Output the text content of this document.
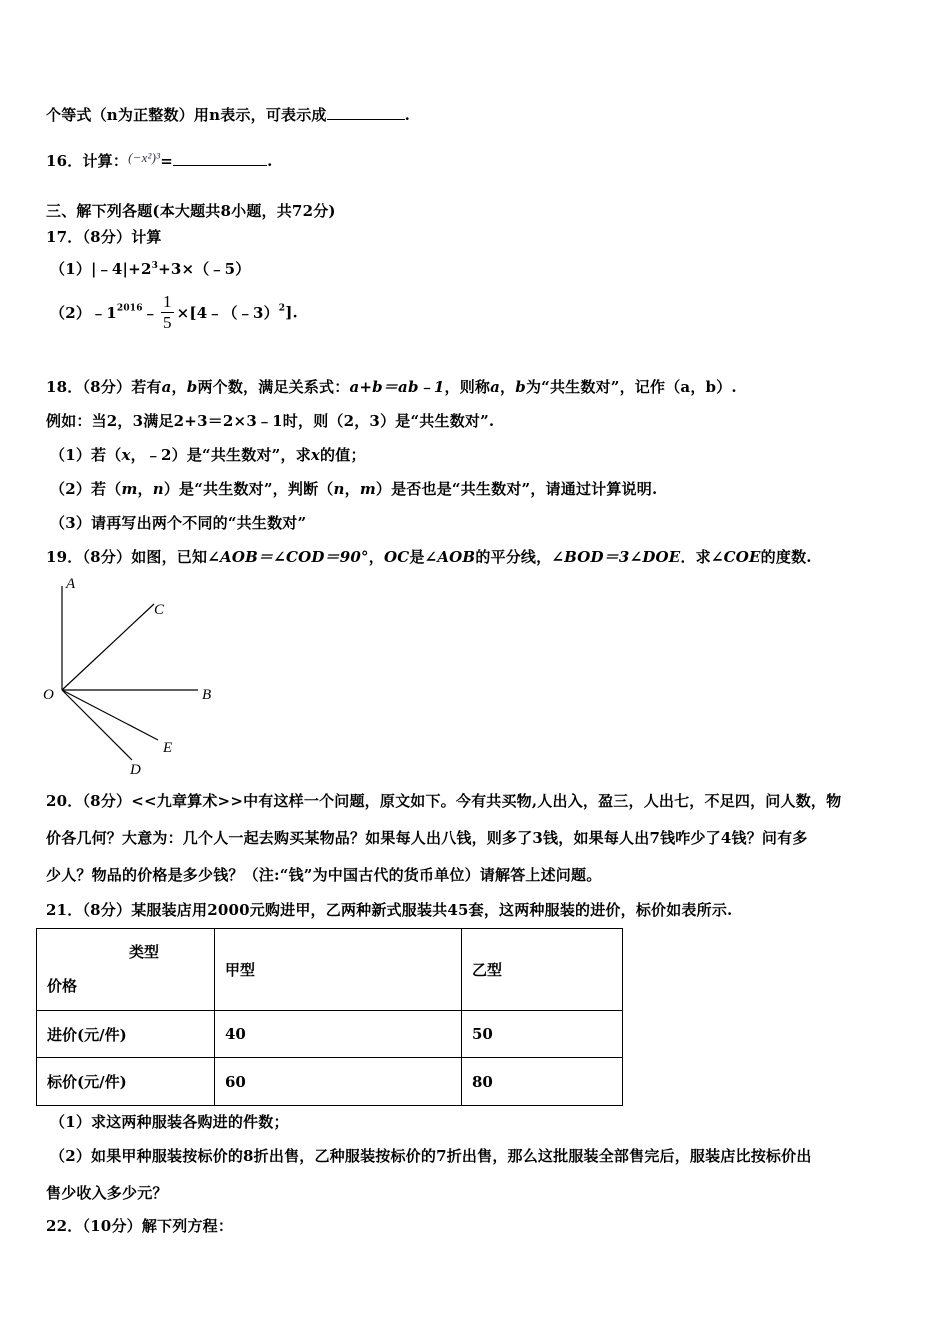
个等式（n为正整数）用n表示，可表示成	.
16．计算：(−x²)³=	.
三、解下列各题(本大题共8小题，共72分)
17．（8分）计算
$(1)|﹣4|+2^3+3\times(﹣5)$
$(2)﹣1^{2016}﹣ \frac{1}{5}$ ×[4﹣（﹣3）$^2$].
18．（8分）若有a，b两个数，满足关系式：a+b＝ab﹣1，则称a，b为“共生数对”，记作（a，b）.
例如：当2，3满足2+3＝2×3﹣1时，则（2，3）是“共生数对”.
（1）若（x，﹣2）是“共生数对”，求x的值；
（2）若（m，n）是“共生数对”，判断（n，m）是否也是“共生数对”，请通过计算说明.
（3）请再写出两个不同的“共生数对”
19．（8分）如图，已知∠AOB＝∠COD＝90°，OC是∠AOB的平分线，∠BOD＝3∠DOE．求∠COE的度数.
A
C
O	B
E
D
20．（8分）<<九章算术>>中有这样一个问题，原文如下。今有共买物,人出入，盈三，人出七，不足四，问人数，物
价各几何？大意为：几个人一起去购买某物品？如果每人出八钱，则多了3钱，如果每人出7钱咋少了4钱？问有多
少人？物品的价格是多少钱？（注:“钱”为中国古代的货币单位）请解答上述问题。
21．（8分）某服装店用2000元购进甲，乙两种新式服装共45套，这两种服装的进价，标价如表所示.
类型
价格	甲型	乙型
进价(元/件)	40	50
标价(元/件)	60	80
（1）求这两种服装各购进的件数；
（2）如果甲种服装按标价的8折出售，乙种服装按标价的7折出售，那么这批服装全部售完后，服装店比按标价出
售少收入多少元？
22．（10分）解下列方程：
